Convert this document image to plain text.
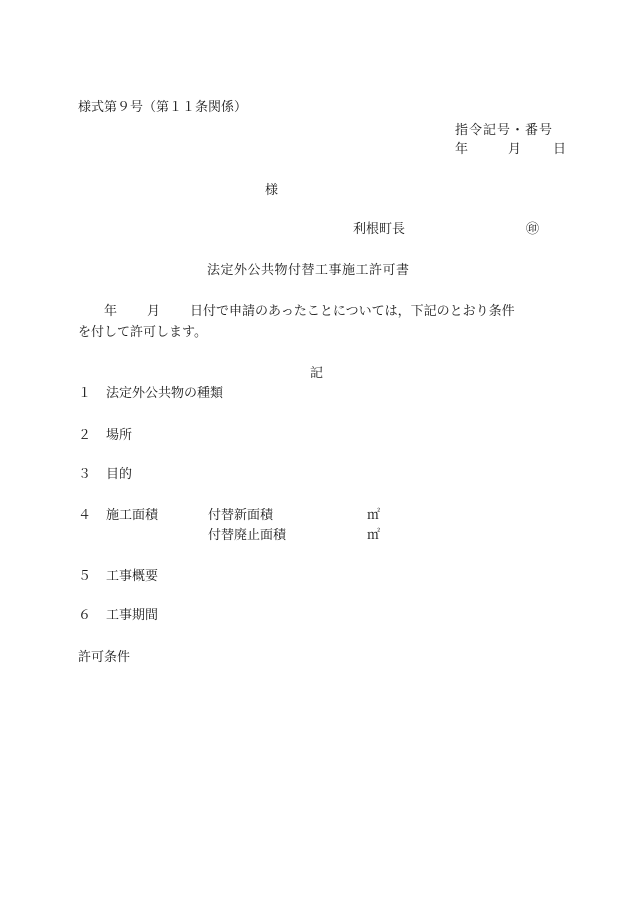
様式第９号（第１１条関係）
指令記号・番号
年	月 日
様
利根町長	㊞
法定外公共物付替工事施工許可書
年 月 日付で申請のあったことについては，下記のとおり条件
を付して許可します。
記
１ 法定外公共物の種類
２ 場所
３ 目的
４ 施工面積	付替新面積	㎡
付替廃止面積	㎡
５ 工事概要
６ 工事期間
許可条件
